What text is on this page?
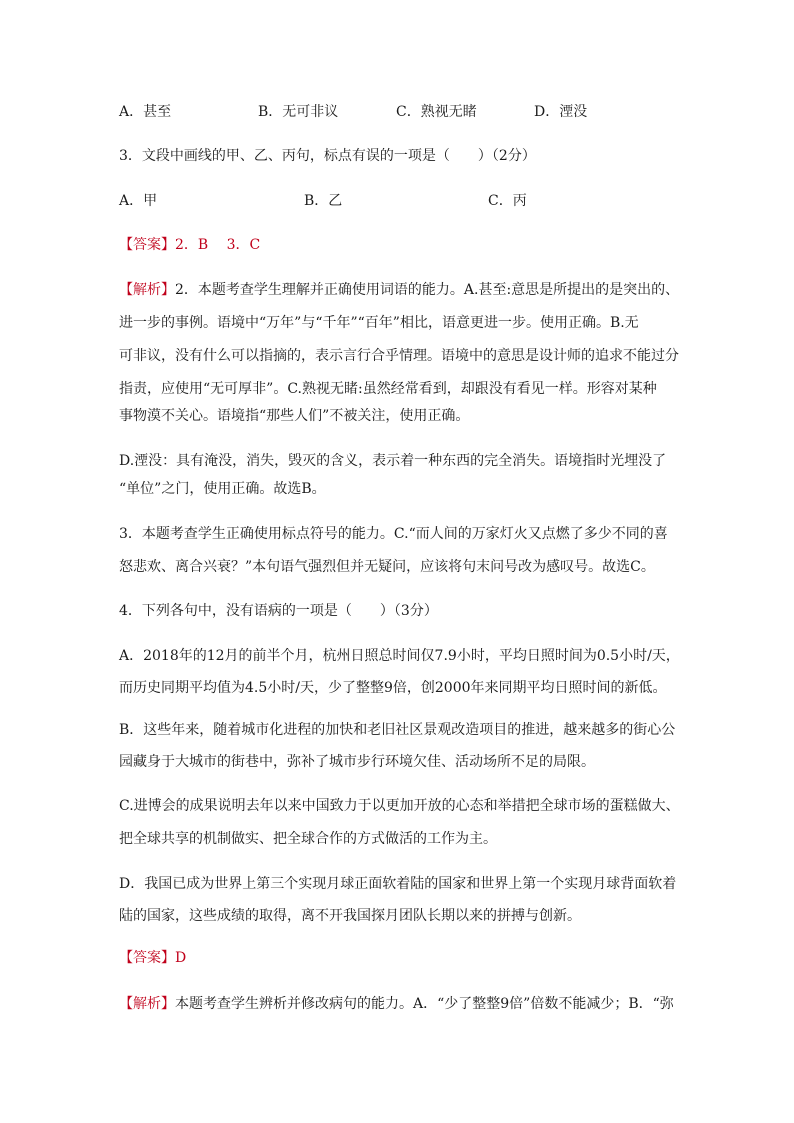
A．甚至	B．无可非议	C．熟视无睹	D．湮没

3．文段中画线的甲、乙、丙句，标点有误的一项是（　　）（2分）

A．甲	B．乙	C．丙

【答案】2．B　 3．C

【解析】2．本题考查学生理解并正确使用词语的能力。A.甚至:意思是所提出的是突出的、

进一步的事例。语境中“万年”与“千年”“百年”相比，语意更进一步。使用正确。B.无

可非议，没有什么可以指摘的，表示言行合乎情理。语境中的意思是设计师的追求不能过分

指责，应使用“无可厚非”。C.熟视无睹:虽然经常看到，却跟没有看见一样。形容对某种

事物漠不关心。语境指“那些人们”不被关注，使用正确。

D.湮没：具有淹没，消失，毁灭的含义，表示着一种东西的完全消失。语境指时光埋没了

“单位”之门，使用正确。故选B。

3．本题考查学生正确使用标点符号的能力。C.“而人间的万家灯火又点燃了多少不同的喜

怒悲欢、离合兴衰？”本句语气强烈但并无疑问，应该将句末问号改为感叹号。故选C。

4．下列各句中，没有语病的一项是（　　）（3分）

A．2018年的12月的前半个月，杭州日照总时间仅7.9小时，平均日照时间为0.5小时/天，

而历史同期平均值为4.5小时/天，少了整整9倍，创2000年来同期平均日照时间的新低。

B．这些年来，随着城市化进程的加快和老旧社区景观改造项目的推进，越来越多的街心公

园藏身于大城市的街巷中，弥补了城市步行环境欠佳、活动场所不足的局限。

C.进博会的成果说明去年以来中国致力于以更加开放的心态和举措把全球市场的蛋糕做大、

把全球共享的机制做实、把全球合作的方式做活的工作为主。

D．我国已成为世界上第三个实现月球正面软着陆的国家和世界上第一个实现月球背面软着

陆的国家，这些成绩的取得，离不开我国探月团队长期以来的拼搏与创新。

【答案】D

【解析】本题考查学生辨析并修改病句的能力。A．“少了整整9倍”倍数不能减少；B．“弥
